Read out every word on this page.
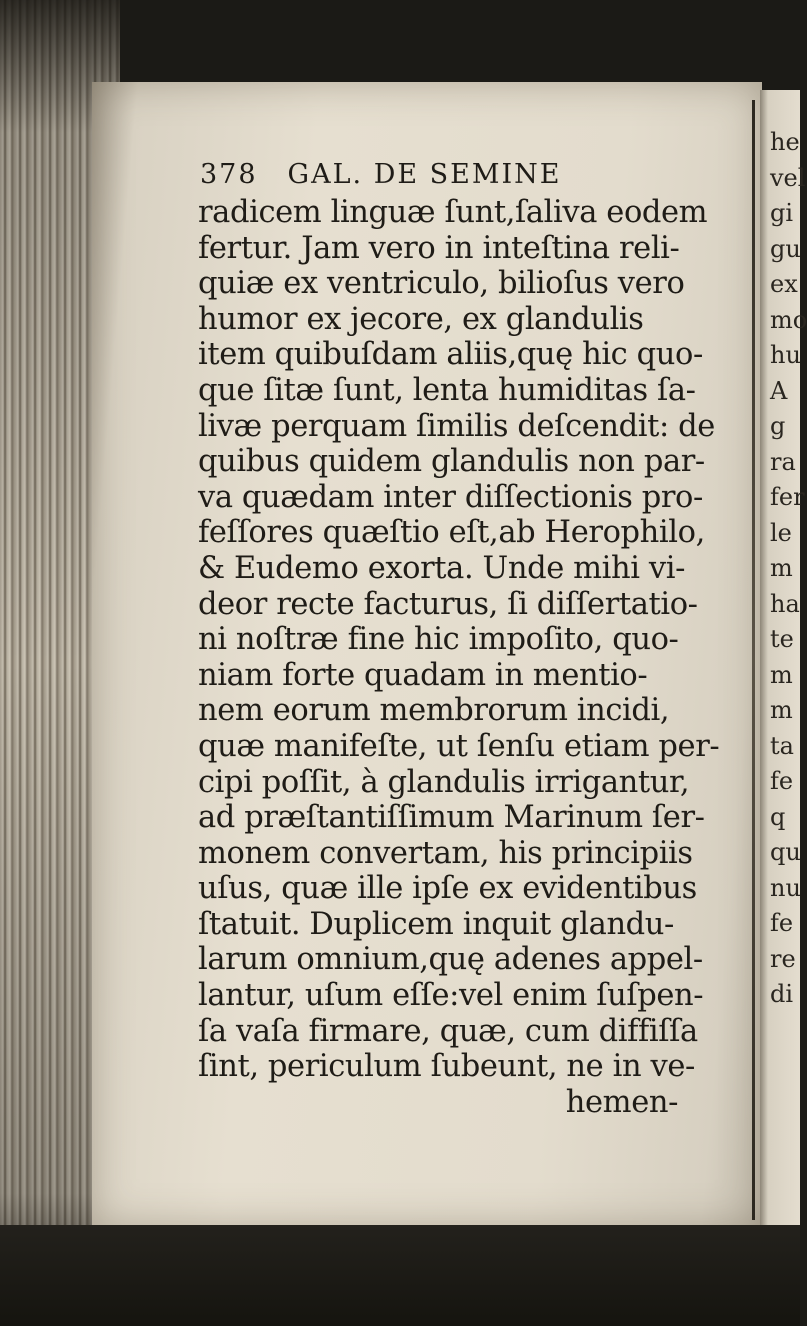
he
vel
gi
gu
ex
mo
hu
A
g
ra
fer
le
m
ha
te
m
m
ta
fe
q
qu
nu
fe
re
di
378 GAL. DE SEMINE
radicem linguæ ſunt,ſaliva eodem
fertur. Jam vero in inteſtina reli-
quiæ ex ventriculo, bilioſus vero
humor ex jecore, ex glandulis
item quibuſdam aliis,quę hic quo-
que ſitæ ſunt, lenta humiditas ſa-
livæ perquam ſimilis deſcendit: de
quibus quidem glandulis non par-
va quædam inter diſſectionis pro-
feſſores quæſtio eſt,ab Herophilo,
& Eudemo exorta. Unde mihi vi-
deor recte facturus, ſi diſſertatio-
ni noſtræ fine hic impoſito, quo-
niam forte quadam in mentio-
nem eorum membrorum incidi,
quæ manifeſte, ut ſenſu etiam per-
cipi poſſit, à glandulis irrigantur,
ad præſtantiſſimum Marinum ſer-
monem convertam, his principiis
uſus, quæ ille ipſe ex evidentibus
ſtatuit. Duplicem inquit glandu-
larum omnium,quę adenes appel-
lantur, uſum eſſe:vel enim ſuſpen-
ſa vaſa firmare, quæ, cum diffiſſa
ſint, periculum ſubeunt, ne in ve-
hemen-
